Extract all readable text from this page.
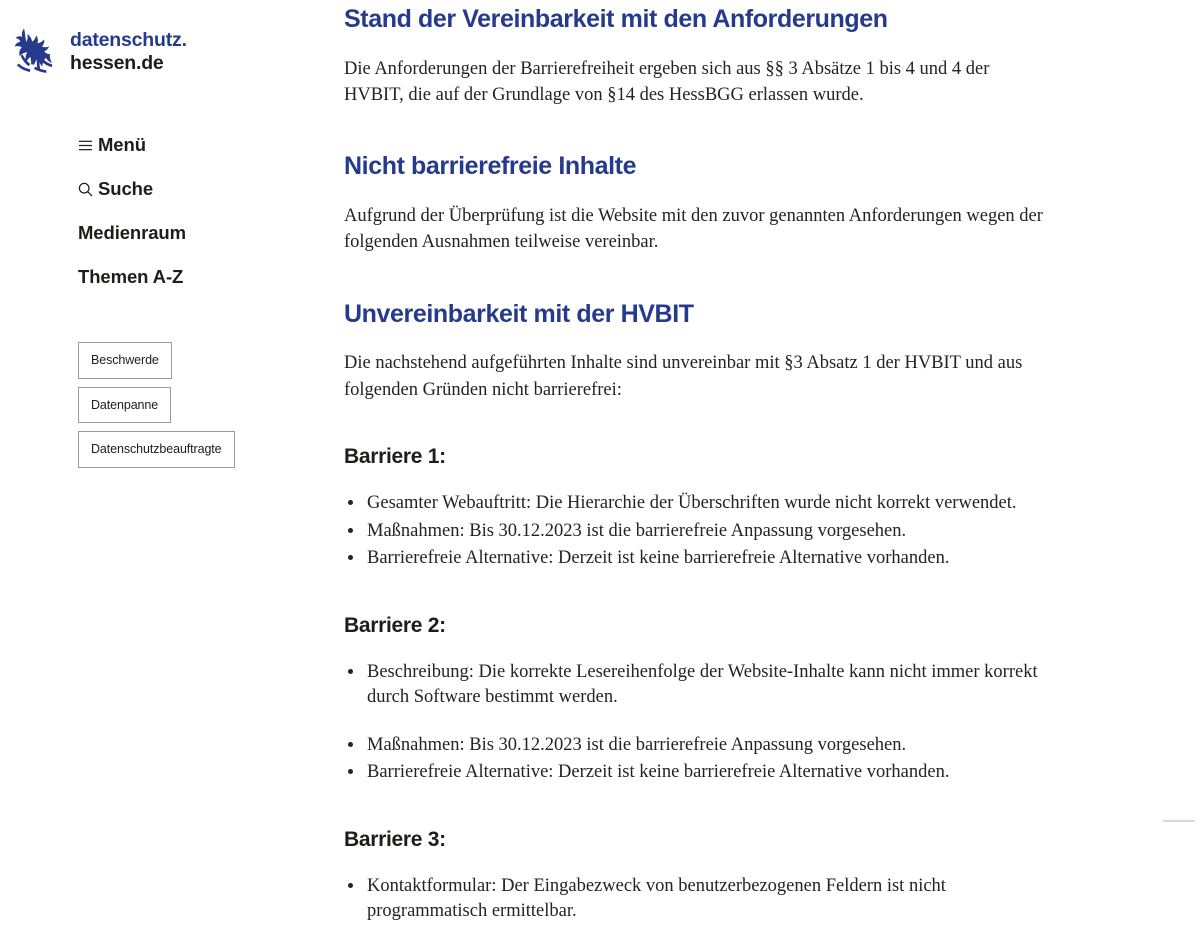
datenschutz.
hessen.de
Menü
Suche
Medienraum
Themen A-Z
Beschwerde
Datenpanne
Datenschutzbeauftragte
Stand der Vereinbarkeit mit den Anforderungen

Die Anforderungen der Barrierefreiheit ergeben sich aus §§ 3 Absätze 1 bis 4 und 4 der HVBIT, die auf der Grundlage von §14 des HessBGG erlassen wurde.

Nicht barrierefreie Inhalte

Aufgrund der Überprüfung ist die Website mit den zuvor genannten Anforderungen wegen der folgenden Ausnahmen teilweise vereinbar.

Unvereinbarkeit mit der HVBIT

Die nachstehend aufgeführten Inhalte sind unvereinbar mit §3 Absatz 1 der HVBIT und aus folgenden Gründen nicht barrierefrei:

Barriere 1:
• Gesamter Webauftritt: Die Hierarchie der Überschriften wurde nicht korrekt verwendet.
• Maßnahmen: Bis 30.12.2023 ist die barrierefreie Anpassung vorgesehen.
• Barrierefreie Alternative: Derzeit ist keine barrierefreie Alternative vorhanden.
Barriere 2:
• Beschreibung: Die korrekte Lesereihenfolge der Website-Inhalte kann nicht immer korrekt durch Software bestimmt werden.
• Maßnahmen: Bis 30.12.2023 ist die barrierefreie Anpassung vorgesehen.
• Barrierefreie Alternative: Derzeit ist keine barrierefreie Alternative vorhanden.
Barriere 3:
• Kontaktformular: Der Eingabezweck von benutzerbezogenen Feldern ist nicht programmatisch ermittelbar.
